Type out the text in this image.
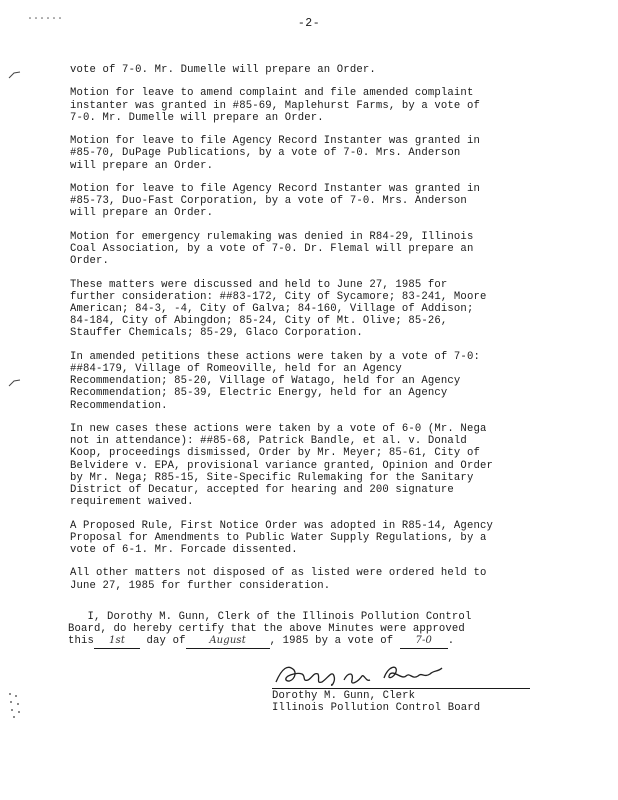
-2-

vote of 7-0. Mr. Dumelle will prepare an Order.

Motion for leave to amend complaint and file amended complaint
instanter was granted in #85-69, Maplehurst Farms, by a vote of
7-0. Mr. Dumelle will prepare an Order.

Motion for leave to file Agency Record Instanter was granted in
#85-70, DuPage Publications, by a vote of 7-0. Mrs. Anderson
will prepare an Order.

Motion for leave to file Agency Record Instanter was granted in
#85-73, Duo-Fast Corporation, by a vote of 7-0. Mrs. Anderson
will prepare an Order.

Motion for emergency rulemaking was denied in R84-29, Illinois
Coal Association, by a vote of 7-0. Dr. Flemal will prepare an
Order.

These matters were discussed and held to June 27, 1985 for
further consideration: ##83-172, City of Sycamore; 83-241, Moore
American; 84-3, -4, City of Galva; 84-160, Village of Addison;
84-184, City of Abingdon; 85-24, City of Mt. Olive; 85-26,
Stauffer Chemicals; 85-29, Glaco Corporation.

In amended petitions these actions were taken by a vote of 7-0:
##84-179, Village of Romeoville, held for an Agency
Recommendation; 85-20, Village of Watago, held for an Agency
Recommendation; 85-39, Electric Energy, held for an Agency
Recommendation.

In new cases these actions were taken by a vote of 6-0 (Mr. Nega
not in attendance): ##85-68, Patrick Bandle, et al. v. Donald
Koop, proceedings dismissed, Order by Mr. Meyer; 85-61, City of
Belvidere v. EPA, provisional variance granted, Opinion and Order
by Mr. Nega; R85-15, Site-Specific Rulemaking for the Sanitary
District of Decatur, accepted for hearing and 200 signature
requirement waived.

A Proposed Rule, First Notice Order was adopted in R85-14, Agency
Proposal for Amendments to Public Water Supply Regulations, by a
vote of 6-1. Mr. Forcade dissented.

All other matters not disposed of as listed were ordered held to
June 27, 1985 for further consideration.

I, Dorothy M. Gunn, Clerk of the Illinois Pollution Control
Board, do hereby certify that the above Minutes were approved
this 1st day of August , 1985 by a vote of 7-0 .
Dorothy M. Gunn, Clerk
Illinois Pollution Control Board
